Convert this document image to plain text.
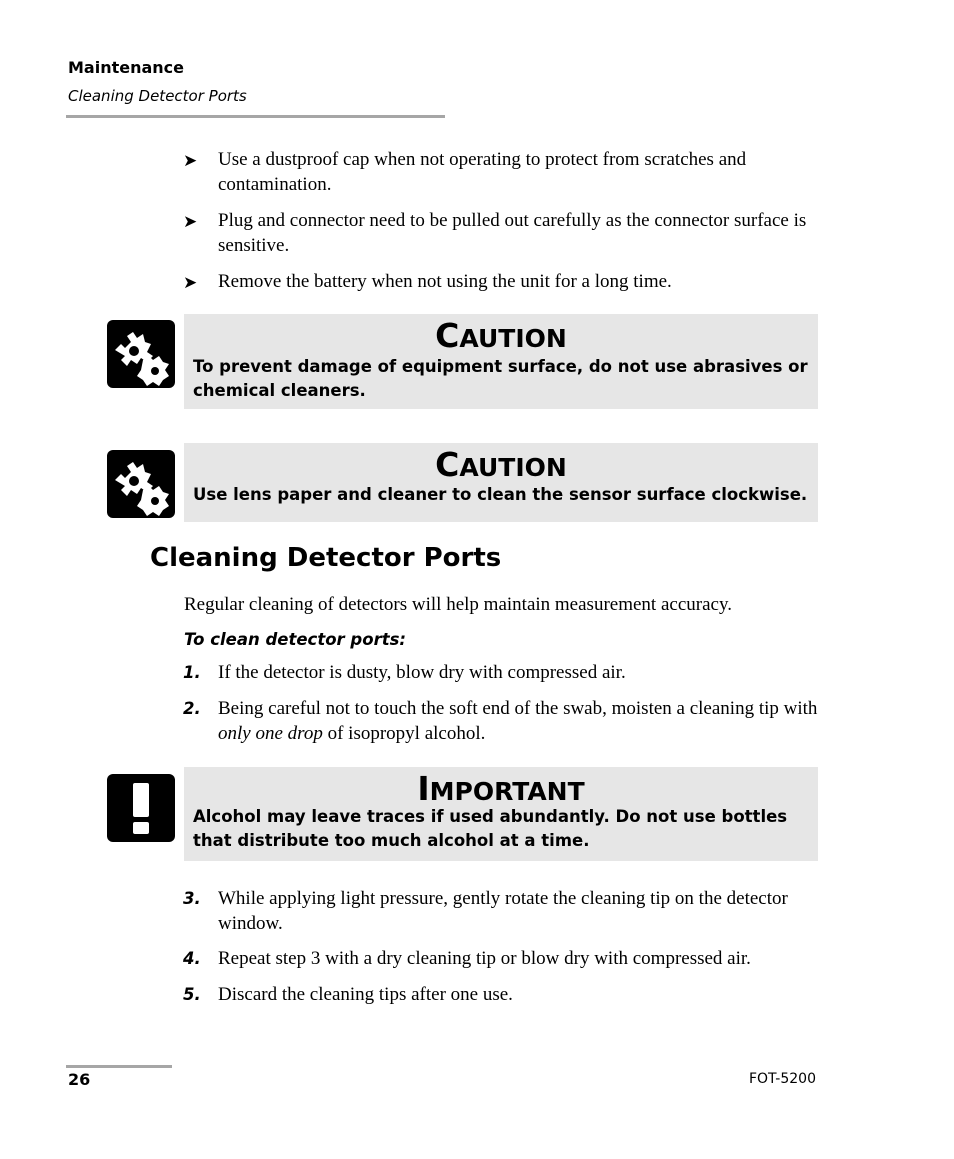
Maintenance
Cleaning Detector Ports
➤ Use a dustproof cap when not operating to protect from scratches and contamination.
➤ Plug and connector need to be pulled out carefully as the connector surface is sensitive.
➤ Remove the battery when not using the unit for a long time.
CAUTION
To prevent damage of equipment surface, do not use abrasives or chemical cleaners.
CAUTION
Use lens paper and cleaner to clean the sensor surface clockwise.
Cleaning Detector Ports
Regular cleaning of detectors will help maintain measurement accuracy.
To clean detector ports:
1. If the detector is dusty, blow dry with compressed air.
2. Being careful not to touch the soft end of the swab, moisten a cleaning tip with only one drop of isopropyl alcohol.
IMPORTANT
Alcohol may leave traces if used abundantly. Do not use bottles that distribute too much alcohol at a time.
3. While applying light pressure, gently rotate the cleaning tip on the detector window.
4. Repeat step 3 with a dry cleaning tip or blow dry with compressed air.
5. Discard the cleaning tips after one use.
26	FOT-5200
